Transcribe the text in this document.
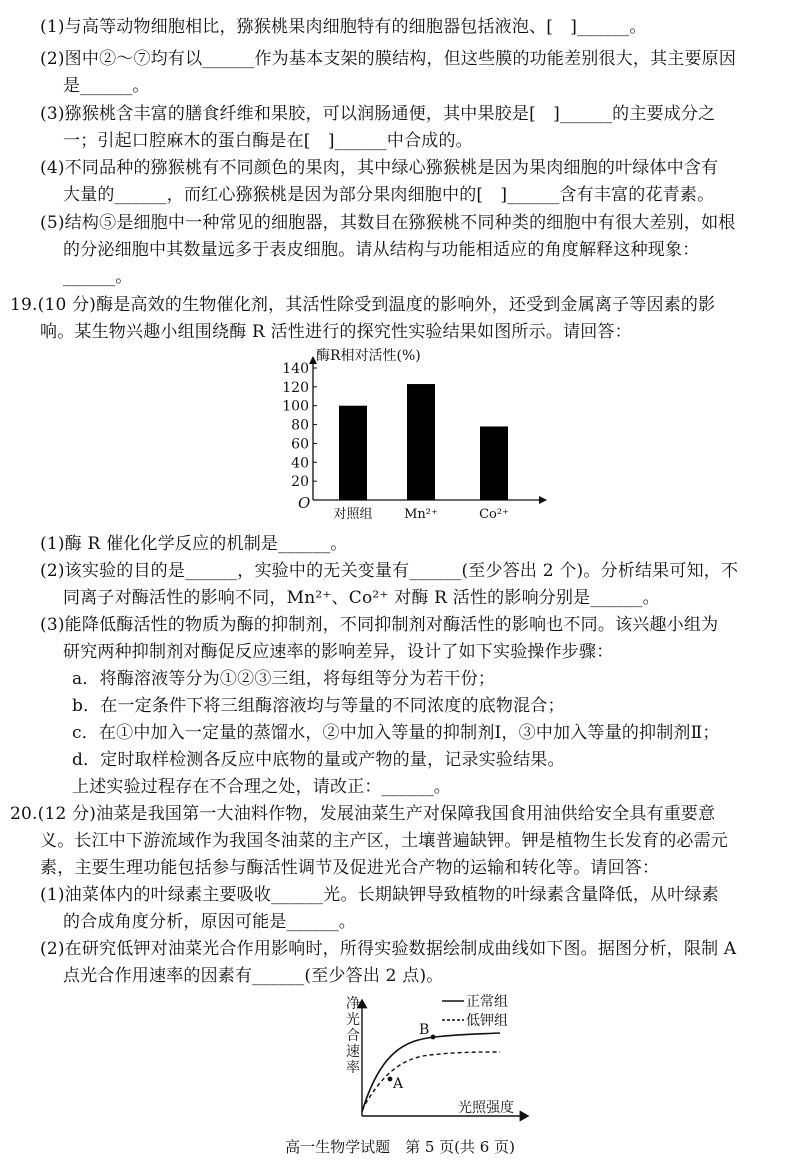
(1)与高等动物细胞相比，猕猴桃果肉细胞特有的细胞器包括液泡、[　]______。
(2)图中②～⑦均有以______作为基本支架的膜结构，但这些膜的功能差别很大，其主要原因
是______。
(3)猕猴桃含丰富的膳食纤维和果胶，可以润肠通便，其中果胶是[　]______的主要成分之
一；引起口腔麻木的蛋白酶是在[　]______中合成的。
(4)不同品种的猕猴桃有不同颜色的果肉，其中绿心猕猴桃是因为果肉细胞的叶绿体中含有
大量的______，而红心猕猴桃是因为部分果肉细胞中的[　]______含有丰富的花青素。
(5)结构⑤是细胞中一种常见的细胞器，其数目在猕猴桃不同种类的细胞中有很大差别，如根
的分泌细胞中其数量远多于表皮细胞。请从结构与功能相适应的角度解释这种现象：
______。
19.(10 分)酶是高效的生物催化剂，其活性除受到温度的影响外，还受到金属离子等因素的影
响。某生物兴趣小组围绕酶 R 活性进行的探究性实验结果如图所示。请回答：
酶R相对活性(%)
20
40
60
80
100
120
140
对照组 Mn²⁺	Co²⁺
O
(1)酶 R 催化化学反应的机制是______。
(2)该实验的目的是______，实验中的无关变量有______(至少答出 2 个)。分析结果可知，不
同离子对酶活性的影响不同，Mn²⁺、Co²⁺ 对酶 R 活性的影响分别是______。
(3)能降低酶活性的物质为酶的抑制剂，不同抑制剂对酶活性的影响也不同。该兴趣小组为
研究两种抑制剂对酶促反应速率的影响差异，设计了如下实验操作步骤：
a．将酶溶液等分为①②③三组，将每组等分为若干份；
b．在一定条件下将三组酶溶液均与等量的不同浓度的底物混合；
c．在①中加入一定量的蒸馏水，②中加入等量的抑制剂Ⅰ，③中加入等量的抑制剂Ⅱ；
d．定时取样检测各反应中底物的量或产物的量，记录实验结果。
上述实验过程存在不合理之处，请改正：______。
20.(12 分)油菜是我国第一大油料作物，发展油菜生产对保障我国食用油供给安全具有重要意
义。长江中下游流域作为我国冬油菜的主产区，土壤普遍缺钾。钾是植物生长发育的必需元
素，主要生理功能包括参与酶活性调节及促进光合产物的运输和转化等。请回答：
(1)油菜体内的叶绿素主要吸收______光。长期缺钾导致植物的叶绿素含量降低，从叶绿素
的合成角度分析，原因可能是______。
(2)在研究低钾对油菜光合作用影响时，所得实验数据绘制成曲线如下图。据图分析，限制 A
点光合作用速率的因素有______(至少答出 2 点)。
净光合速率
光照强度
B
A
正常组
低钾组
高一生物学试题　第 5 页(共 6 页)
